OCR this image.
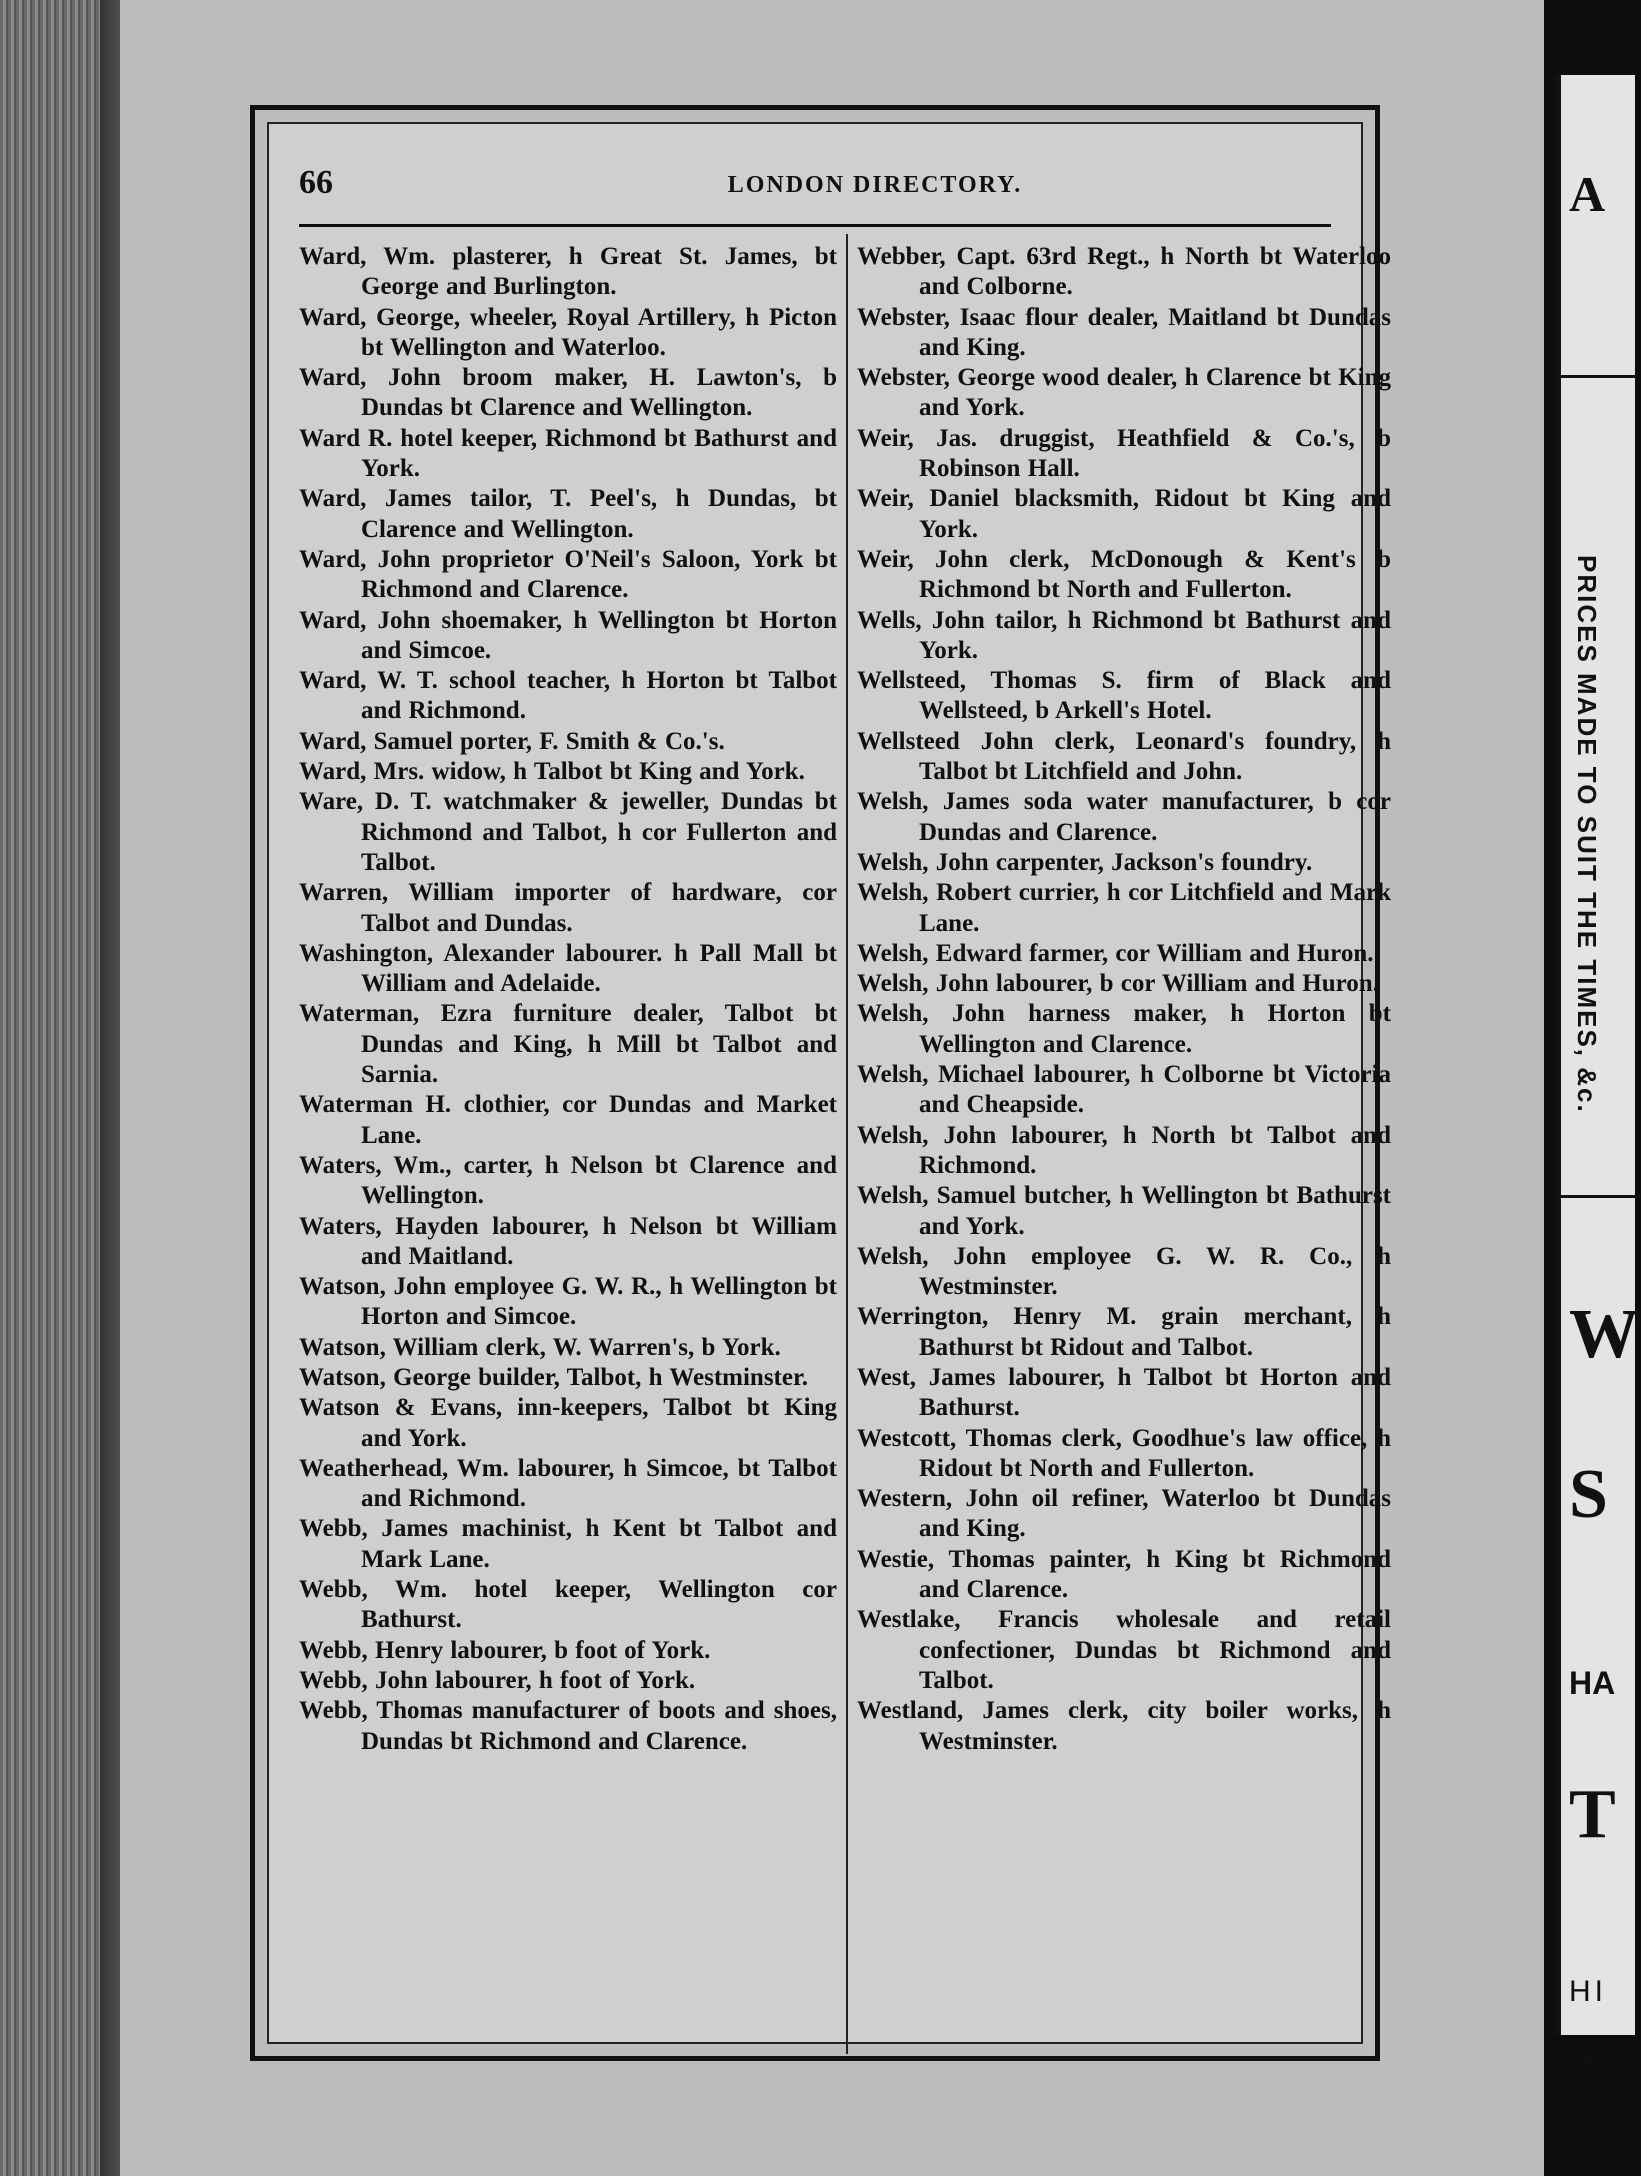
66	LONDON DIRECTORY.
Ward, Wm. plasterer, h Great St. James, bt George and Burlington.
Ward, George, wheeler, Royal Artillery, h Picton bt Wellington and Waterloo.
Ward, John broom maker, H. Lawton's, b Dundas bt Clarence and Wellington.
Ward R. hotel keeper, Richmond bt Bathurst and York.
Ward, James tailor, T. Peel's, h Dundas, bt Clarence and Wellington.
Ward, John proprietor O'Neil's Saloon, York bt Richmond and Clarence.
Ward, John shoemaker, h Wellington bt Horton and Simcoe.
Ward, W. T. school teacher, h Horton bt Talbot and Richmond.
Ward, Samuel porter, F. Smith & Co.'s.
Ward, Mrs. widow, h Talbot bt King and York.
Ware, D. T. watchmaker & jeweller, Dundas bt Richmond and Talbot, h cor Fullerton and Talbot.
Warren, William importer of hardware, cor Talbot and Dundas.
Washington, Alexander labourer. h Pall Mall bt William and Adelaide.
Waterman, Ezra furniture dealer, Talbot bt Dundas and King, h Mill bt Talbot and Sarnia.
Waterman H. clothier, cor Dundas and Market Lane.
Waters, Wm., carter, h Nelson bt Clarence and Wellington.
Waters, Hayden labourer, h Nelson bt William and Maitland.
Watson, John employee G. W. R., h Wellington bt Horton and Simcoe.
Watson, William clerk, W. Warren's, b York.
Watson, George builder, Talbot, h Westminster.
Watson & Evans, inn-keepers, Talbot bt King and York.
Weatherhead, Wm. labourer, h Simcoe, bt Talbot and Richmond.
Webb, James machinist, h Kent bt Talbot and Mark Lane.
Webb, Wm. hotel keeper, Wellington cor Bathurst.
Webb, Henry labourer, b foot of York.
Webb, John labourer, h foot of York.
Webb, Thomas manufacturer of boots and shoes, Dundas bt Richmond and Clarence.
Webber, Capt. 63rd Regt., h North bt Waterloo and Colborne.
Webster, Isaac flour dealer, Maitland bt Dundas and King.
Webster, George wood dealer, h Clarence bt King and York.
Weir, Jas. druggist, Heathfield & Co.'s, b Robinson Hall.
Weir, Daniel blacksmith, Ridout bt King and York.
Weir, John clerk, McDonough & Kent's b Richmond bt North and Fullerton.
Wells, John tailor, h Richmond bt Bathurst and York.
Wellsteed, Thomas S. firm of Black and Wellsteed, b Arkell's Hotel.
Wellsteed John clerk, Leonard's foundry, h Talbot bt Litchfield and John.
Welsh, James soda water manufacturer, b cor Dundas and Clarence.
Welsh, John carpenter, Jackson's foundry.
Welsh, Robert currier, h cor Litchfield and Mark Lane.
Welsh, Edward farmer, cor William and Huron.
Welsh, John labourer, b cor William and Huron.
Welsh, John harness maker, h Horton bt Wellington and Clarence.
Welsh, Michael labourer, h Colborne bt Victoria and Cheapside.
Welsh, John labourer, h North bt Talbot and Richmond.
Welsh, Samuel butcher, h Wellington bt Bathurst and York.
Welsh, John employee G. W. R. Co., h Westminster.
Werrington, Henry M. grain merchant, h Bathurst bt Ridout and Talbot.
West, James labourer, h Talbot bt Horton and Bathurst.
Westcott, Thomas clerk, Goodhue's law office, h Ridout bt North and Fullerton.
Western, John oil refiner, Waterloo bt Dundas and King.
Westie, Thomas painter, h King bt Richmond and Clarence.
Westlake, Francis wholesale and retail confectioner, Dundas bt Richmond and Talbot.
Westland, James clerk, city boiler works, h Westminster.
A
PRICES MADE TO SUIT THE TIMES, &c.
W
S
HA
T
HI
Situat
